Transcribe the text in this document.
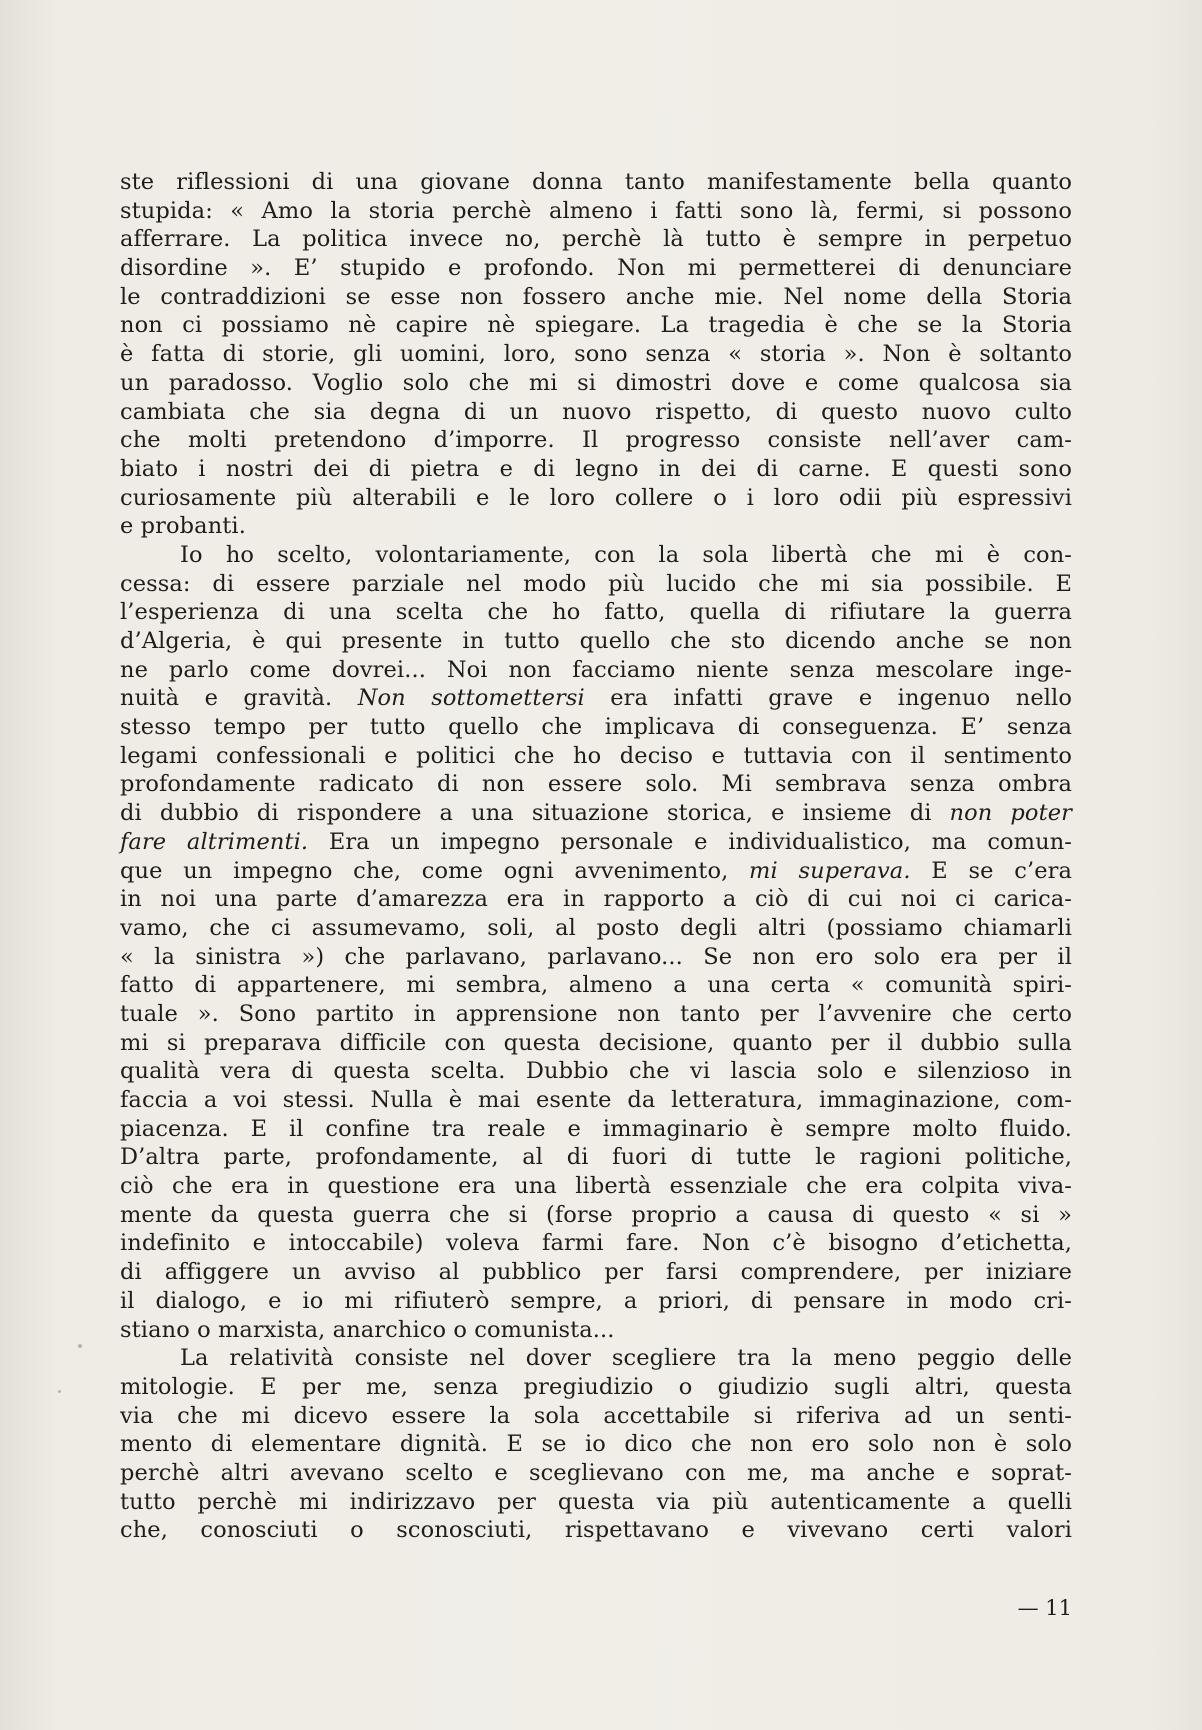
ste riflessioni di una giovane donna tanto manifestamente bella quanto
stupida: « Amo la storia perchè almeno i fatti sono là, fermi, si possono
afferrare. La politica invece no, perchè là tutto è sempre in perpetuo
disordine ». E’ stupido e profondo. Non mi permetterei di denunciare
le contraddizioni se esse non fossero anche mie. Nel nome della Storia
non ci possiamo nè capire nè spiegare. La tragedia è che se la Storia
è fatta di storie, gli uomini, loro, sono senza « storia ». Non è soltanto
un paradosso. Voglio solo che mi si dimostri dove e come qualcosa sia
cambiata che sia degna di un nuovo rispetto, di questo nuovo culto
che molti pretendono d’imporre. Il progresso consiste nell’aver cam-
biato i nostri dei di pietra e di legno in dei di carne. E questi sono
curiosamente più alterabili e le loro collere o i loro odii più espressivi
e probanti.
Io ho scelto, volontariamente, con la sola libertà che mi è con-
cessa: di essere parziale nel modo più lucido che mi sia possibile. E
l’esperienza di una scelta che ho fatto, quella di rifiutare la guerra
d’Algeria, è qui presente in tutto quello che sto dicendo anche se non
ne parlo come dovrei... Noi non facciamo niente senza mescolare inge-
nuità e gravità. Non sottomettersi era infatti grave e ingenuo nello
stesso tempo per tutto quello che implicava di conseguenza. E’ senza
legami confessionali e politici che ho deciso e tuttavia con il sentimento
profondamente radicato di non essere solo. Mi sembrava senza ombra
di dubbio di rispondere a una situazione storica, e insieme di non poter
fare altrimenti. Era un impegno personale e individualistico, ma comun-
que un impegno che, come ogni avvenimento, mi superava. E se c’era
in noi una parte d’amarezza era in rapporto a ciò di cui noi ci carica-
vamo, che ci assumevamo, soli, al posto degli altri (possiamo chiamarli
« la sinistra ») che parlavano, parlavano... Se non ero solo era per il
fatto di appartenere, mi sembra, almeno a una certa « comunità spiri-
tuale ». Sono partito in apprensione non tanto per l’avvenire che certo
mi si preparava difficile con questa decisione, quanto per il dubbio sulla
qualità vera di questa scelta. Dubbio che vi lascia solo e silenzioso in
faccia a voi stessi. Nulla è mai esente da letteratura, immaginazione, com-
piacenza. E il confine tra reale e immaginario è sempre molto fluido.
D’altra parte, profondamente, al di fuori di tutte le ragioni politiche,
ciò che era in questione era una libertà essenziale che era colpita viva-
mente da questa guerra che si (forse proprio a causa di questo « si »
indefinito e intoccabile) voleva farmi fare. Non c’è bisogno d’etichetta,
di affiggere un avviso al pubblico per farsi comprendere, per iniziare
il dialogo, e io mi rifiuterò sempre, a priori, di pensare in modo cri-
stiano o marxista, anarchico o comunista...
La relatività consiste nel dover scegliere tra la meno peggio delle
mitologie. E per me, senza pregiudizio o giudizio sugli altri, questa
via che mi dicevo essere la sola accettabile si riferiva ad un senti-
mento di elementare dignità. E se io dico che non ero solo non è solo
perchè altri avevano scelto e sceglievano con me, ma anche e soprat-
tutto perchè mi indirizzavo per questa via più autenticamente a quelli
che, conosciuti o sconosciuti, rispettavano e vivevano certi valori
— 11
